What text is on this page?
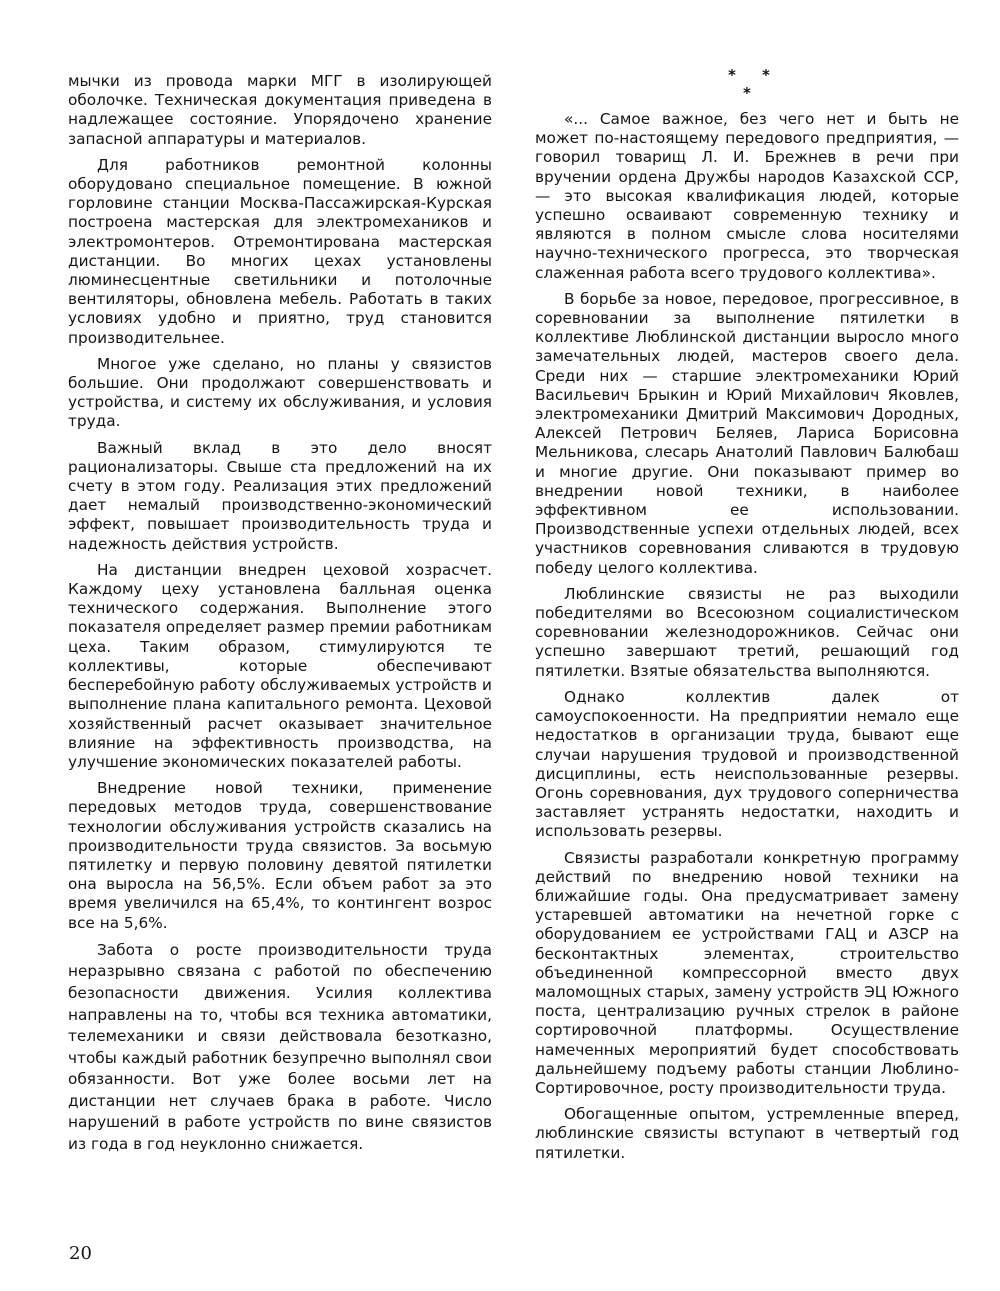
мычки из провода марки МГГ в изолирующей оболочке. Техническая документация приведена в надлежащее состояние. Упорядочено хранение запасной аппаратуры и материалов.

Для работников ремонтной колонны оборудовано специальное помещение. В южной горловине станции Москва-Пассажирская-Курская построена мастерская для электромехаников и электромонтеров. Отремонтирована мастерская дистанции. Во многих цехах установлены люминесцентные светильники и потолочные вентиляторы, обновлена мебель. Работать в таких условиях удобно и приятно, труд становится производительнее.

Многое уже сделано, но планы у связистов большие. Они продолжают совершенствовать и устройства, и систему их обслуживания, и условия труда.

Важный вклад в это дело вносят рационализаторы. Свыше ста предложений на их счету в этом году. Реализация этих предложений дает немалый производственно-экономический эффект, повышает производительность труда и надежность действия устройств.

На дистанции внедрен цеховой хозрасчет. Каждому цеху установлена балльная оценка технического содержания. Выполнение этого показателя определяет размер премии работникам цеха. Таким образом, стимулируются те коллективы, которые обеспечивают бесперебойную работу обслуживаемых устройств и выполнение плана капитального ремонта. Цеховой хозяйственный расчет оказывает значительное влияние на эффективность производства, на улучшение экономических показателей работы.

Внедрение новой техники, применение передовых методов труда, совершенствование технологии обслуживания устройств сказались на производительности труда связистов. За восьмую пятилетку и первую половину девятой пятилетки она выросла на 56,5%. Если объем работ за это время увеличился на 65,4%, то контингент возрос все на 5,6%.

Забота о росте производительности труда неразрывно связана с работой по обеспечению безопасности движения. Усилия коллектива направлены на то, чтобы вся техника автоматики, телемеханики и связи действовала безотказно, чтобы каждый работник безупречно выполнял свои обязанности. Вот уже более восьми лет на дистанции нет случаев брака в работе. Число нарушений в работе устройств по вине связистов из года в год неуклонно снижается.

* *
*

«... Самое важное, без чего нет и быть не может по-настоящему передового предприятия, — говорил товарищ Л. И. Брежнев в речи при вручении ордена Дружбы народов Казахской ССР, — это высокая квалификация людей, которые успешно осваивают современную технику и являются в полном смысле слова носителями научно-технического прогресса, это творческая слаженная работа всего трудового коллектива».

В борьбе за новое, передовое, прогрессивное, в соревновании за выполнение пятилетки в коллективе Люблинской дистанции выросло много замечательных людей, мастеров своего дела. Среди них — старшие электромеханики Юрий Васильевич Брыкин и Юрий Михайлович Яковлев, электромеханики Дмитрий Максимович Дородных, Алексей Петрович Беляев, Лариса Борисовна Мельникова, слесарь Анатолий Павлович Балюбаш и многие другие. Они показывают пример во внедрении новой техники, в наиболее эффективном ее использовании. Производственные успехи отдельных людей, всех участников соревнования сливаются в трудовую победу целого коллектива.

Люблинские связисты не раз выходили победителями во Всесоюзном социалистическом соревновании железнодорожников. Сейчас они успешно завершают третий, решающий год пятилетки. Взятые обязательства выполняются.

Однако коллектив далек от самоуспокоенности. На предприятии немало еще недостатков в организации труда, бывают еще случаи нарушения трудовой и производственной дисциплины, есть неиспользованные резервы. Огонь соревнования, дух трудового соперничества заставляет устранять недостатки, находить и использовать резервы.

Связисты разработали конкретную программу действий по внедрению новой техники на ближайшие годы. Она предусматривает замену устаревшей автоматики на нечетной горке с оборудованием ее устройствами ГАЦ и АЗСР на бесконтактных элементах, строительство объединенной компрессорной вместо двух маломощных старых, замену устройств ЭЦ Южного поста, централизацию ручных стрелок в районе сортировочной платформы. Осуществление намеченных мероприятий будет способствовать дальнейшему подъему работы станции Люблино-Сортировочное, росту производительности труда.

Обогащенные опытом, устремленные вперед, люблинские связисты вступают в четвертый год пятилетки.

20
